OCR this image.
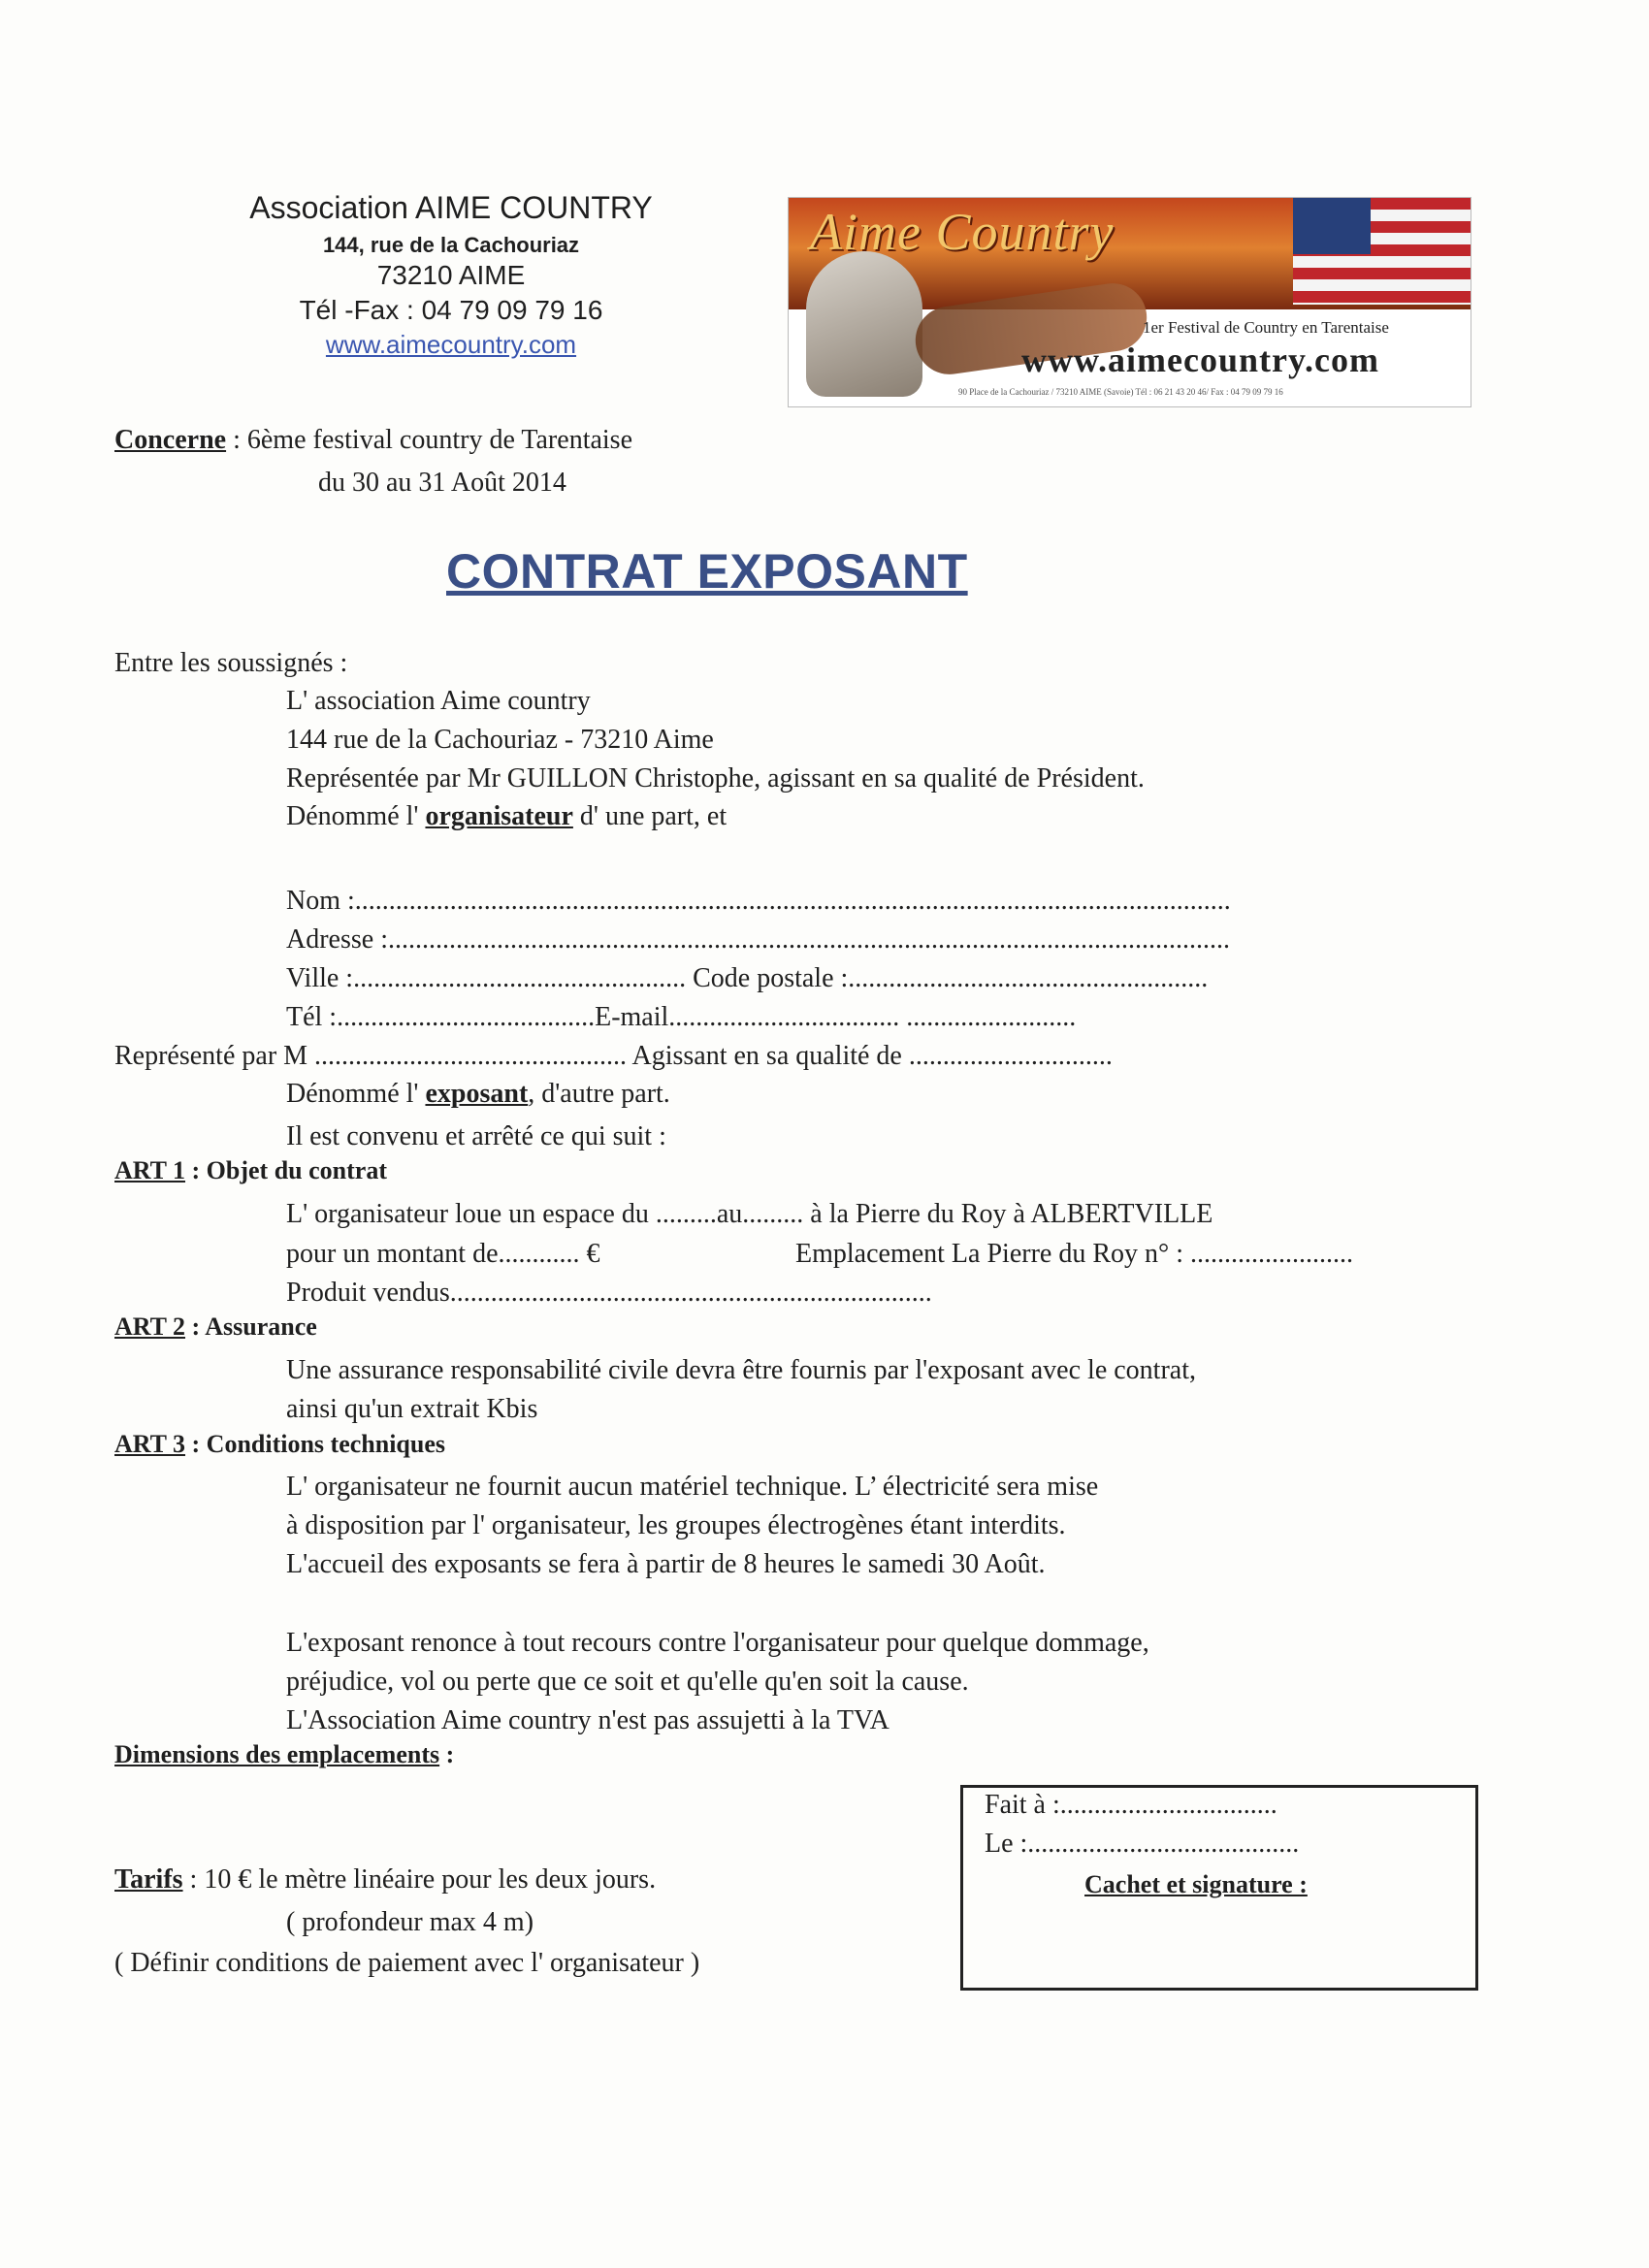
Association AIME COUNTRY
144, rue de la Cachouriaz
73210 AIME
Tél -Fax : 04 79 09 79 16
www.aimecountry.com
Aime Country
1er Festival de Country en Tarentaise
www.aimecountry.com
90 Place de la Cachouriaz / 73210 AIME (Savoie) Tél : 06 21 43 20 46/ Fax : 04 79 09 79 16
Concerne : 6ème festival country de Tarentaise
du 30 au 31 Août 2014
CONTRAT EXPOSANT
Entre les soussignés :
L' association Aime country
144 rue de la Cachouriaz - 73210 Aime
Représentée par Mr GUILLON Christophe, agissant en sa qualité de Président.
Dénommé l' organisateur d' une part, et
Nom :.................................................................................................................................
Adresse :............................................................................................................................
Ville :................................................. Code postale :.....................................................
Tél :......................................E-mail.................................. .........................
Représenté par M .............................................. Agissant en sa qualité de ..............................
Dénommé l' exposant, d'autre part.
Il est convenu et arrêté ce qui suit :
ART 1 : Objet du contrat
L' organisateur loue un espace du .........au......... à la Pierre du Roy à ALBERTVILLE
pour un montant de............ €	Emplacement La Pierre du Roy n° : ........................
Produit vendus.......................................................................
ART 2 : Assurance
Une assurance responsabilité civile devra être fournis par l'exposant avec le contrat,
ainsi qu'un extrait Kbis
ART 3 : Conditions techniques
L' organisateur ne fournit aucun matériel technique. L’ électricité sera mise
à disposition par l' organisateur, les groupes électrogènes étant interdits.
L'accueil des exposants se fera à partir de 8 heures le samedi 30 Août.
L'exposant renonce à tout recours contre l'organisateur pour quelque dommage,
préjudice, vol ou perte que ce soit et qu'elle qu'en soit la cause.
L'Association Aime country n'est pas assujetti à la TVA
Dimensions des emplacements :
Tarifs : 10 € le mètre linéaire pour les deux jours.
( profondeur max 4 m)
( Définir conditions de paiement avec l' organisateur )
Fait à :................................
Le :........................................
Cachet et signature :
